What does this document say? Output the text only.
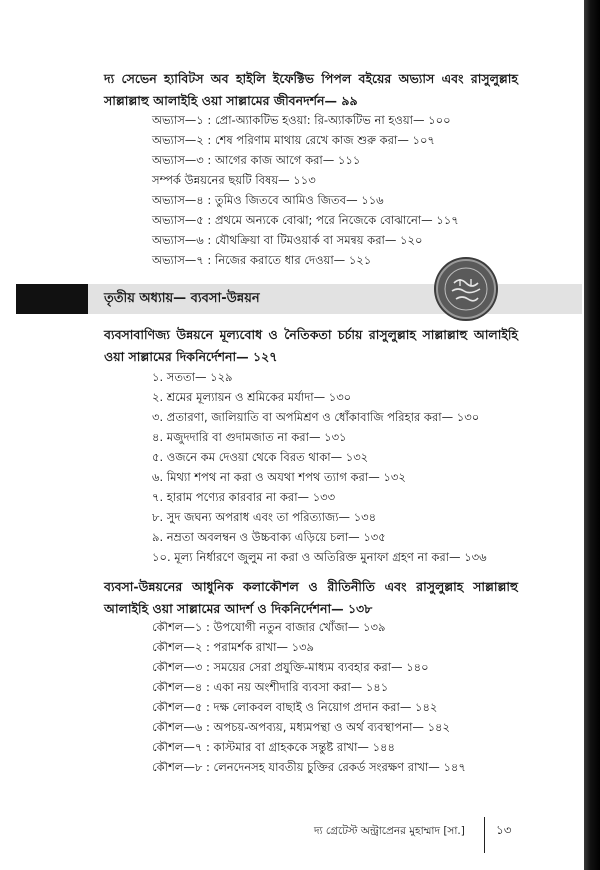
দ্য সেভেন হ্যাবিটস অব হাইলি ইফেক্টিভ পিপল বইয়ের অভ্যাস এবং রাসুলুল্লাহ সাল্লাল্লাহু আলাইহি ওয়া সাল্লামের জীবনদর্শন— ৯৯
অভ্যাস—১ : প্রো-অ্যাকটিভ হওয়া: রি-অ্যাকটিভ না হওয়া— ১০০
অভ্যাস—২ : শেষ পরিণাম মাথায় রেখে কাজ শুরু করা— ১০৭
অভ্যাস—৩ : আগের কাজ আগে করা— ১১১
সম্পর্ক উন্নয়নের ছয়টি বিষয়— ১১৩
অভ্যাস—৪ : তুমিও জিতবে আমিও জিতব— ১১৬
অভ্যাস—৫ : প্রথমে অন্যকে বোঝা; পরে নিজেকে বোঝানো— ১১৭
অভ্যাস—৬ : যৌথক্রিয়া বা টিমওয়ার্ক বা সমন্বয় করা— ১২০
অভ্যাস—৭ : নিজের করাতে ধার দেওয়া— ১২১
তৃতীয় অধ্যায়— ব্যবসা-উন্নয়ন
ব্যবসাবাণিজ্য উন্নয়নে মূল্যবোধ ও নৈতিকতা চর্চায় রাসুলুল্লাহ সাল্লাল্লাহু আলাইহি ওয়া সাল্লামের দিকনির্দেশনা— ১২৭
১. সততা— ১২৯
২. শ্রমের মূল্যায়ন ও শ্রমিকের মর্যাদা— ১৩০
৩. প্রতারণা, জালিয়াতি বা অপমিশ্রণ ও ধোঁকাবাজি পরিহার করা— ১৩০
৪. মজুদদারি বা গুদামজাত না করা— ১৩১
৫. ওজনে কম দেওয়া থেকে বিরত থাকা— ১৩২
৬. মিথ্যা শপথ না করা ও অযথা শপথ ত্যাগ করা— ১৩২
৭. হারাম পণ্যের কারবার না করা— ১৩৩
৮. সুদ জঘন্য অপরাধ এবং তা পরিত্যাজ্য— ১৩৪
৯. নম্রতা অবলম্বন ও উচ্চবাক্য এড়িয়ে চলা— ১৩৫
১০. মূল্য নির্ধারণে জুলুম না করা ও অতিরিক্ত মুনাফা গ্রহণ না করা— ১৩৬
ব্যবসা-উন্নয়নের আধুনিক কলাকৌশল ও রীতিনীতি এবং রাসুলুল্লাহ সাল্লাল্লাহু আলাইহি ওয়া সাল্লামের আদর্শ ও দিকনির্দেশনা— ১৩৮
কৌশল—১ : উপযোগী নতুন বাজার খোঁজা— ১৩৯
কৌশল—২ : পরামর্শক রাখা— ১৩৯
কৌশল—৩ : সময়ের সেরা প্রযুক্তি-মাধ্যম ব্যবহার করা— ১৪০
কৌশল—৪ : একা নয় অংশীদারি ব্যবসা করা— ১৪১
কৌশল—৫ : দক্ষ লোকবল বাছাই ও নিয়োগ প্রদান করা— ১৪২
কৌশল—৬ : অপচয়-অপব্যয়, মধ্যমপন্থা ও অর্থ ব্যবস্থাপনা— ১৪২
কৌশল—৭ : কাস্টমার বা গ্রাহককে সন্তুষ্ট রাখা— ১৪৪
কৌশল—৮ : লেনদেনসহ যাবতীয় চুক্তির রেকর্ড সংরক্ষণ রাখা— ১৪৭
দ্য গ্রেটেস্ট অন্ট্রাপ্রেনর মুহাম্মাদ [সা.]	১৩
